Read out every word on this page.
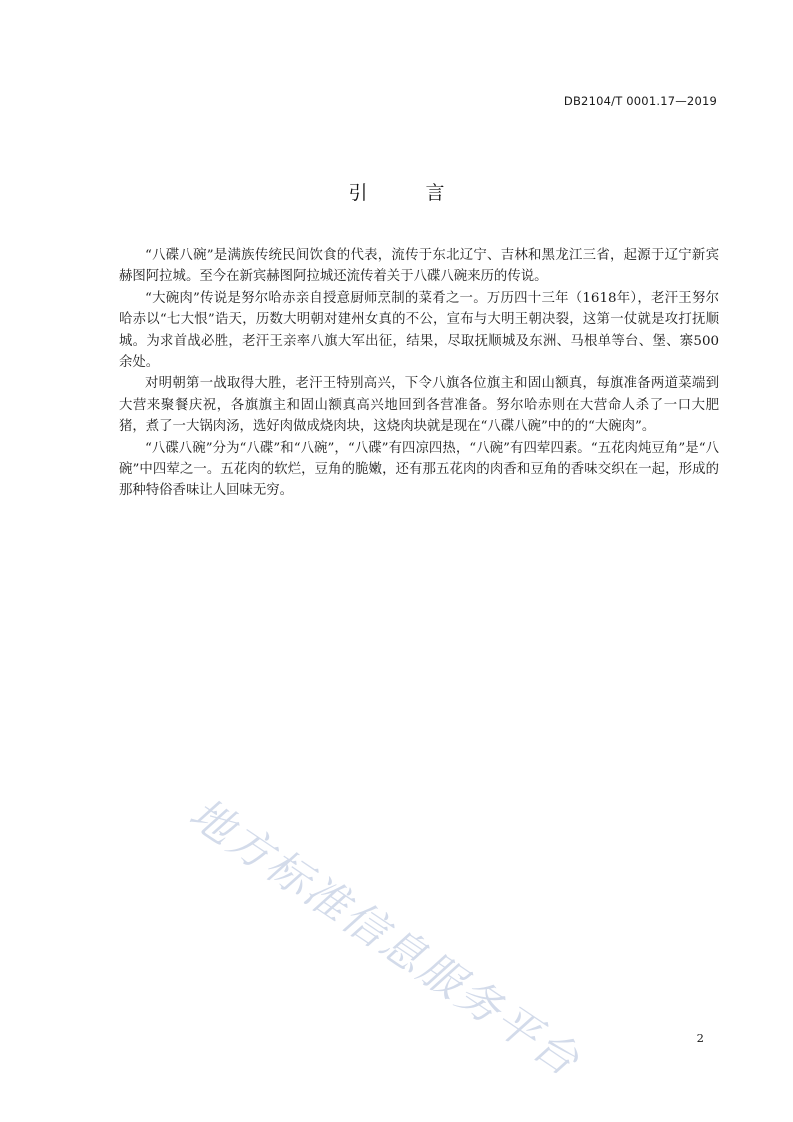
DB2104/T 0001.17—2019
引 言

“八碟八碗”是满族传统民间饮食的代表，流传于东北辽宁、吉林和黑龙江三省，起源于辽宁新宾赫图阿拉城。至今在新宾赫图阿拉城还流传着关于八碟八碗来历的传说。

“大碗肉”传说是努尔哈赤亲自授意厨师烹制的菜肴之一。万历四十三年（1618年），老汗王努尔哈赤以“七大恨”诰天，历数大明朝对建州女真的不公，宣布与大明王朝决裂，这第一仗就是攻打抚顺城。为求首战必胜，老汗王亲率八旗大军出征，结果，尽取抚顺城及东洲、马根单等台、堡、寨500余处。

对明朝第一战取得大胜，老汗王特别高兴，下令八旗各位旗主和固山额真，每旗准备两道菜端到大营来聚餐庆祝，各旗旗主和固山额真高兴地回到各营准备。努尔哈赤则在大营命人杀了一口大肥猪，煮了一大锅肉汤，选好肉做成烧肉块，这烧肉块就是现在“八碟八碗”中的的“大碗肉”。

“八碟八碗”分为“八碟”和“八碗”，“八碟”有四凉四热，“八碗”有四荤四素。“五花肉炖豆角”是“八碗”中四荤之一。五花肉的软烂，豆角的脆嫩，还有那五花肉的肉香和豆角的香味交织在一起，形成的那种特俗香味让人回味无穷。

地方标准信息服务平台	2
